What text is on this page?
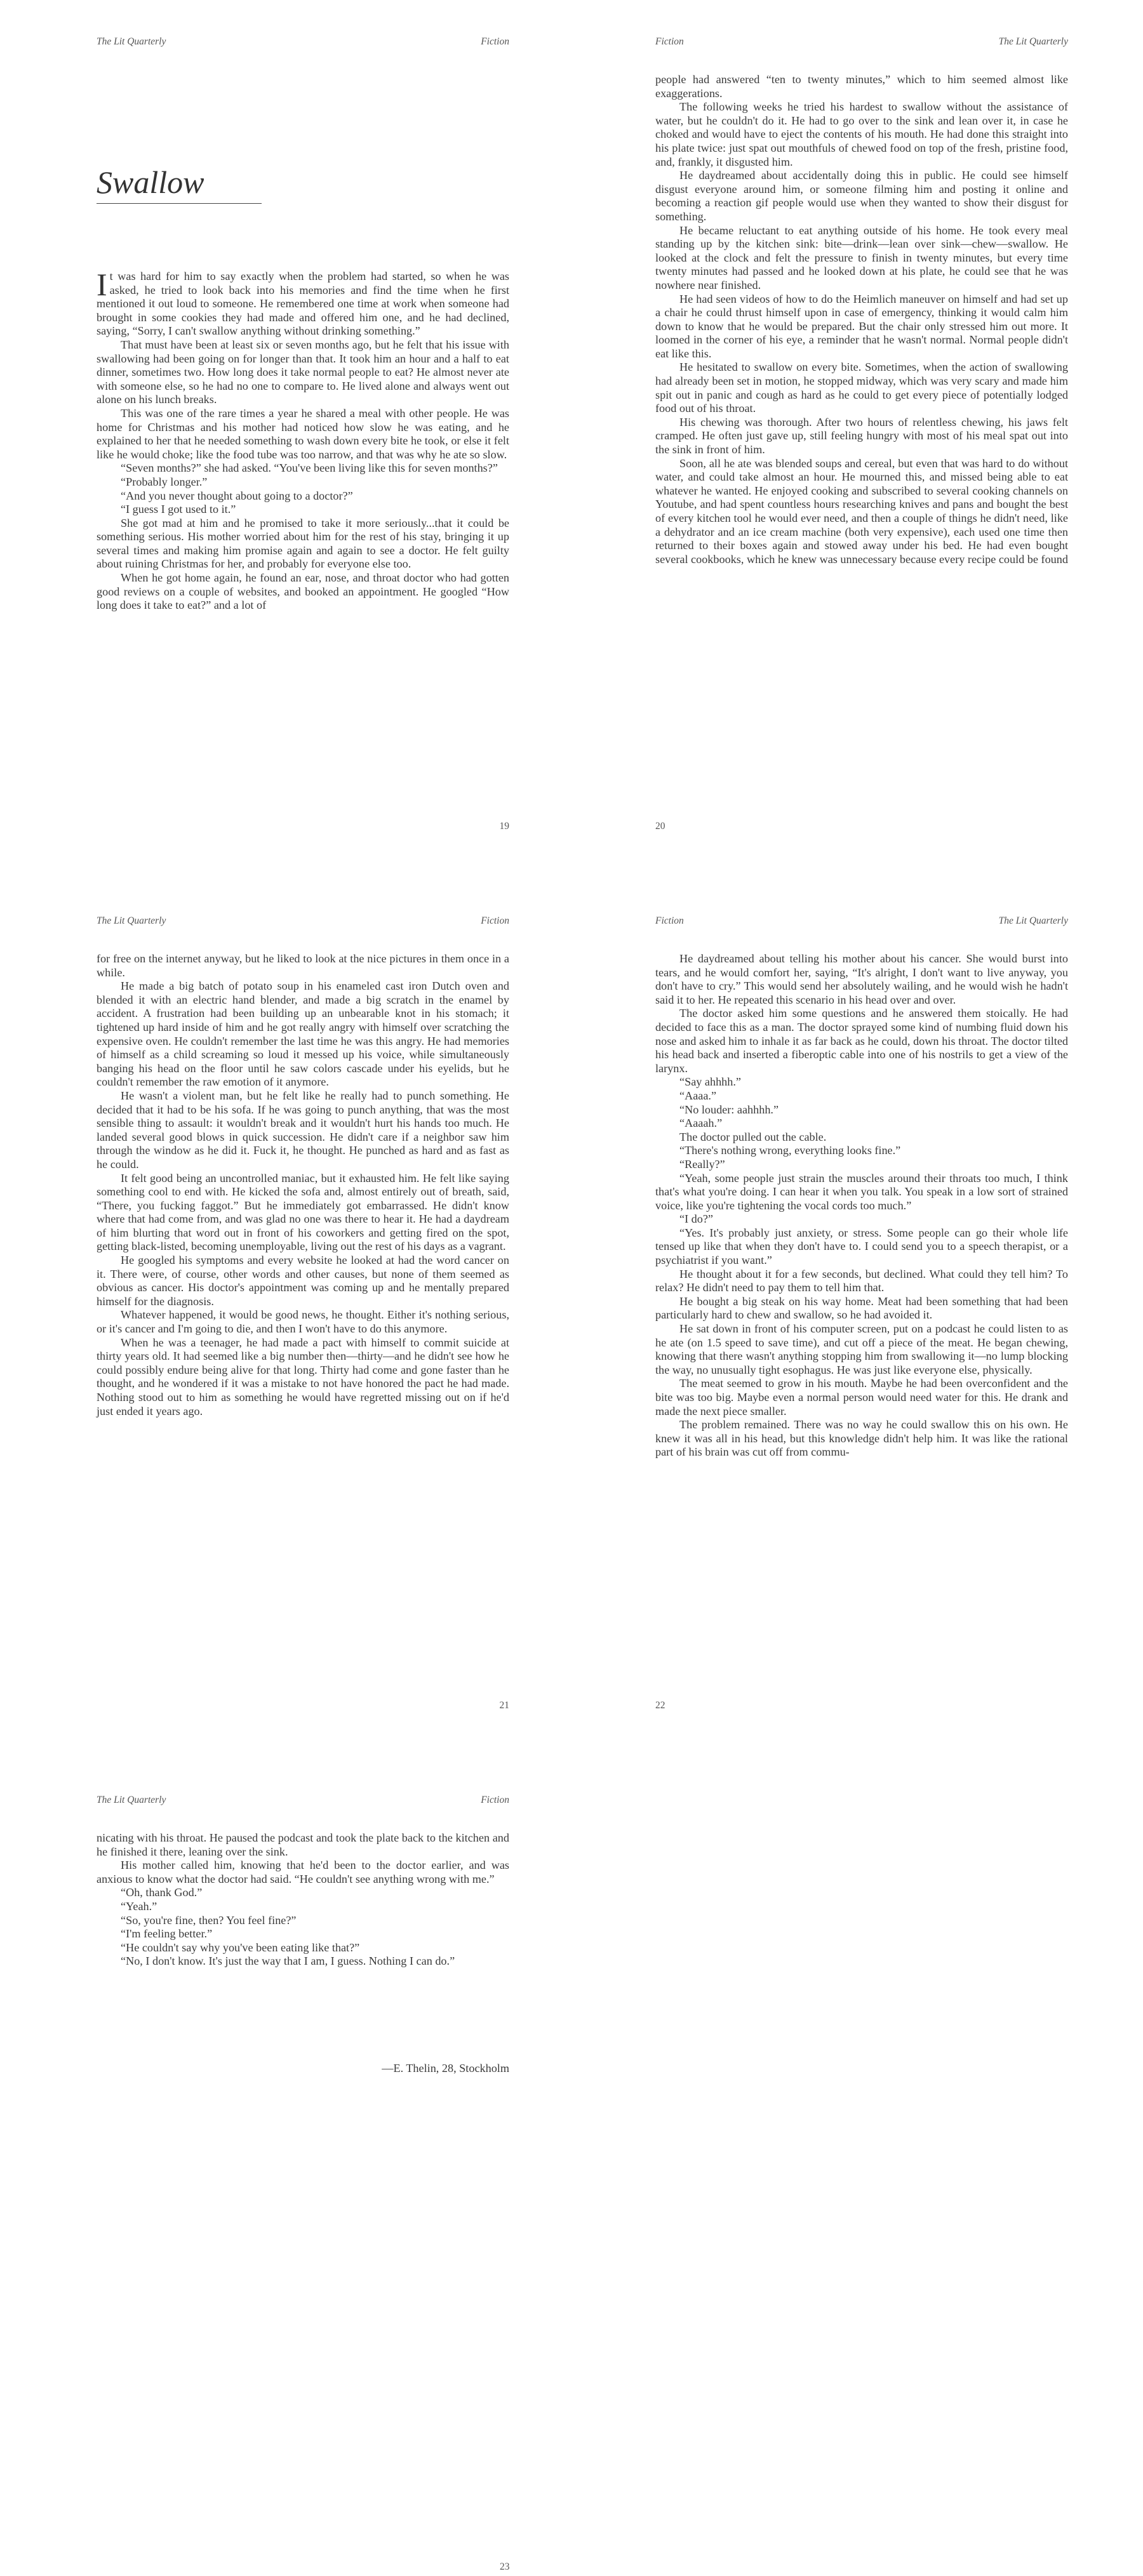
The Lit Quarterly	Fiction
Swallow

It was hard for him to say exactly when the problem had started, so when he was asked, he tried to look back into his memories and find the time when he first mentioned it out loud to someone. He remembered one time at work when someone had brought in some cookies they had made and offered him one, and he had declined, saying, “Sorry, I can't swallow anything without drinking something.”

That must have been at least six or seven months ago, but he felt that his issue with swallowing had been going on for longer than that. It took him an hour and a half to eat dinner, sometimes two. How long does it take normal people to eat? He almost never ate with someone else, so he had no one to compare to. He lived alone and always went out alone on his lunch breaks.

This was one of the rare times a year he shared a meal with other people. He was home for Christmas and his mother had noticed how slow he was eating, and he explained to her that he needed something to wash down every bite he took, or else it felt like he would choke; like the food tube was too narrow, and that was why he ate so slow.

“Seven months?” she had asked. “You've been living like this for seven months?”

“Probably longer.”

“And you never thought about going to a doctor?”

“I guess I got used to it.”

She got mad at him and he promised to take it more seriously...that it could be something serious. His mother worried about him for the rest of his stay, bringing it up several times and making him promise again and again to see a doctor. He felt guilty about ruining Christmas for her, and probably for everyone else too.

When he got home again, he found an ear, nose, and throat doctor who had gotten good reviews on a couple of websites, and booked an appointment. He googled “How long does it take to eat?” and a lot of

19
Fiction	The Lit Quarterly

people had answered “ten to twenty minutes,” which to him seemed almost like exaggerations.

The following weeks he tried his hardest to swallow without the assistance of water, but he couldn't do it. He had to go over to the sink and lean over it, in case he choked and would have to eject the contents of his mouth. He had done this straight into his plate twice: just spat out mouthfuls of chewed food on top of the fresh, pristine food, and, frankly, it disgusted him.

He daydreamed about accidentally doing this in public. He could see himself disgust everyone around him, or someone filming him and posting it online and becoming a reaction gif people would use when they wanted to show their disgust for something.

He became reluctant to eat anything outside of his home. He took every meal standing up by the kitchen sink: bite—drink—lean over sink—chew—swallow. He looked at the clock and felt the pressure to finish in twenty minutes, but every time twenty minutes had passed and he looked down at his plate, he could see that he was nowhere near finished.

He had seen videos of how to do the Heimlich maneuver on himself and had set up a chair he could thrust himself upon in case of emergency, thinking it would calm him down to know that he would be prepared. But the chair only stressed him out more. It loomed in the corner of his eye, a reminder that he wasn't normal. Normal people didn't eat like this.

He hesitated to swallow on every bite. Sometimes, when the action of swallowing had already been set in motion, he stopped midway, which was very scary and made him spit out in panic and cough as hard as he could to get every piece of potentially lodged food out of his throat.

His chewing was thorough. After two hours of relentless chewing, his jaws felt cramped. He often just gave up, still feeling hungry with most of his meal spat out into the sink in front of him.

Soon, all he ate was blended soups and cereal, but even that was hard to do without water, and could take almost an hour. He mourned this, and missed being able to eat whatever he wanted. He enjoyed cooking and subscribed to several cooking channels on Youtube, and had spent countless hours researching knives and pans and bought the best of every kitchen tool he would ever need, and then a couple of things he didn't need, like a dehydrator and an ice cream machine (both very expensive), each used one time then returned to their boxes again and stowed away under his bed. He had even bought several cookbooks, which he knew was unnecessary because every recipe could be found

20
The Lit Quarterly	Fiction

for free on the internet anyway, but he liked to look at the nice pictures in them once in a while.

He made a big batch of potato soup in his enameled cast iron Dutch oven and blended it with an electric hand blender, and made a big scratch in the enamel by accident. A frustration had been building up an unbearable knot in his stomach; it tightened up hard inside of him and he got really angry with himself over scratching the expensive oven. He couldn't remember the last time he was this angry. He had memories of himself as a child screaming so loud it messed up his voice, while simultaneously banging his head on the floor until he saw colors cascade under his eyelids, but he couldn't remember the raw emotion of it anymore.

He wasn't a violent man, but he felt like he really had to punch something. He decided that it had to be his sofa. If he was going to punch anything, that was the most sensible thing to assault: it wouldn't break and it wouldn't hurt his hands too much. He landed several good blows in quick succession. He didn't care if a neighbor saw him through the window as he did it. Fuck it, he thought. He punched as hard and as fast as he could.

It felt good being an uncontrolled maniac, but it exhausted him. He felt like saying something cool to end with. He kicked the sofa and, almost entirely out of breath, said, “There, you fucking faggot.” But he immediately got embarrassed. He didn't know where that had come from, and was glad no one was there to hear it. He had a daydream of him blurting that word out in front of his coworkers and getting fired on the spot, getting black-listed, becoming unemployable, living out the rest of his days as a vagrant.

He googled his symptoms and every website he looked at had the word cancer on it. There were, of course, other words and other causes, but none of them seemed as obvious as cancer. His doctor's appointment was coming up and he mentally prepared himself for the diagnosis.

Whatever happened, it would be good news, he thought. Either it's nothing serious, or it's cancer and I'm going to die, and then I won't have to do this anymore.

When he was a teenager, he had made a pact with himself to commit suicide at thirty years old. It had seemed like a big number then—thirty—and he didn't see how he could possibly endure being alive for that long. Thirty had come and gone faster than he thought, and he wondered if it was a mistake to not have honored the pact he had made. Nothing stood out to him as something he would have regretted missing out on if he'd just ended it years ago.

21
Fiction	The Lit Quarterly

He daydreamed about telling his mother about his cancer. She would burst into tears, and he would comfort her, saying, “It's alright, I don't want to live anyway, you don't have to cry.” This would send her absolutely wailing, and he would wish he hadn't said it to her. He repeated this scenario in his head over and over.

The doctor asked him some questions and he answered them stoically. He had decided to face this as a man. The doctor sprayed some kind of numbing fluid down his nose and asked him to inhale it as far back as he could, down his throat. The doctor tilted his head back and inserted a fiberoptic cable into one of his nostrils to get a view of the larynx.

“Say ahhhh.”

“Aaaa.”

“No louder: aahhhh.”

“Aaaah.”

The doctor pulled out the cable.

“There's nothing wrong, everything looks fine.”

“Really?”

“Yeah, some people just strain the muscles around their throats too much, I think that's what you're doing. I can hear it when you talk. You speak in a low sort of strained voice, like you're tightening the vocal cords too much.”

“I do?”

“Yes. It's probably just anxiety, or stress. Some people can go their whole life tensed up like that when they don't have to. I could send you to a speech therapist, or a psychiatrist if you want.”

He thought about it for a few seconds, but declined. What could they tell him? To relax? He didn't need to pay them to tell him that.

He bought a big steak on his way home. Meat had been something that had been particularly hard to chew and swallow, so he had avoided it.

He sat down in front of his computer screen, put on a podcast he could listen to as he ate (on 1.5 speed to save time), and cut off a piece of the meat. He began chewing, knowing that there wasn't anything stopping him from swallowing it—no lump blocking the way, no unusually tight esophagus. He was just like everyone else, physically.

The meat seemed to grow in his mouth. Maybe he had been overconfident and the bite was too big. Maybe even a normal person would need water for this. He drank and made the next piece smaller.

The problem remained. There was no way he could swallow this on his own. He knew it was all in his head, but this knowledge didn't help him. It was like the rational part of his brain was cut off from commu-

22
The Lit Quarterly	Fiction

nicating with his throat. He paused the podcast and took the plate back to the kitchen and he finished it there, leaning over the sink.

His mother called him, knowing that he'd been to the doctor earlier, and was anxious to know what the doctor had said. “He couldn't see anything wrong with me.”

“Oh, thank God.”

“Yeah.”

“So, you're fine, then? You feel fine?”

“I'm feeling better.”

“He couldn't say why you've been eating like that?”

“No, I don't know. It's just the way that I am, I guess. Nothing I can do.”

—E. Thelin, 28, Stockholm
23
